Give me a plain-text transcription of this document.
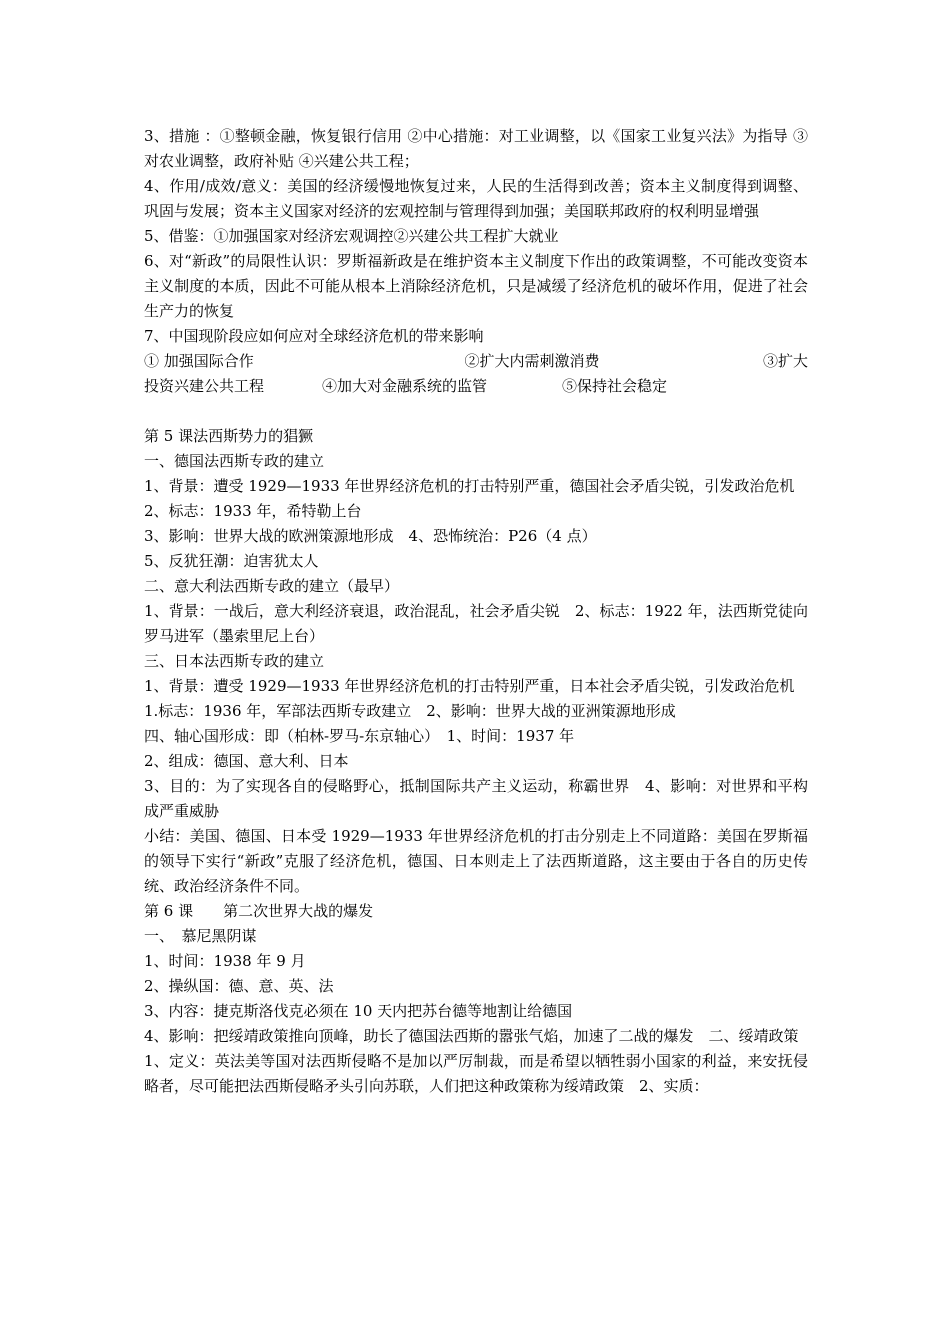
3、措施 ：①整顿金融，恢复银行信用 ②中心措施：对工业调整，以《国家工业复兴法》为指导 ③对农业调整，政府补贴 ④兴建公共工程；

4、作用/成效/意义：美国的经济缓慢地恢复过来，人民的生活得到改善；资本主义制度得到调整、巩固与发展；资本主义国家对经济的宏观控制与管理得到加强；美国联邦政府的权利明显增强

5、借鉴：①加强国家对经济宏观调控②兴建公共工程扩大就业

6、对“新政”的局限性认识：罗斯福新政是在维护资本主义制度下作出的政策调整，不可能改变资本主义制度的本质，因此不可能从根本上消除经济危机，只是减缓了经济危机的破坏作用，促进了社会生产力的恢复

7、中国现阶段应如何应对全球经济危机的带来影响

① 加强国际合作	②扩大内需刺激消费	③扩大
投资兴建公共工程	④加大对金融系统的监管	⑤保持社会稳定

第 5 课法西斯势力的猖獗

一、德国法西斯专政的建立

1、背景：遭受 1929—1933 年世界经济危机的打击特别严重，德国社会矛盾尖锐，引发政治危机

2、标志：1933 年，希特勒上台

3、影响：世界大战的欧洲策源地形成　4、恐怖统治：P26（4 点）

5、反犹狂潮：迫害犹太人

二、意大利法西斯专政的建立（最早）

1、背景：一战后，意大利经济衰退，政治混乱，社会矛盾尖锐　2、标志：1922 年，法西斯党徒向罗马进军（墨索里尼上台）

三、日本法西斯专政的建立

1、背景：遭受 1929—1933 年世界经济危机的打击特别严重，日本社会矛盾尖锐，引发政治危机

1.标志：1936 年，军部法西斯专政建立　2、影响：世界大战的亚洲策源地形成

四、轴心国形成：即（柏林-罗马-东京轴心）　1、时间：1937 年

2、组成：德国、意大利、日本

3、目的：为了实现各自的侵略野心，抵制国际共产主义运动，称霸世界　4、影响：对世界和平构成严重威胁

小结：美国、德国、日本受 1929—1933 年世界经济危机的打击分别走上不同道路：美国在罗斯福的领导下实行“新政”克服了经济危机，德国、日本则走上了法西斯道路，这主要由于各自的历史传统、政治经济条件不同。

第 6 课　　第二次世界大战的爆发

一、　慕尼黑阴谋

1、时间：1938 年 9 月

2、操纵国：德、意、英、法

3、内容：捷克斯洛伐克必须在 10 天内把苏台德等地割让给德国

4、影响：把绥靖政策推向顶峰，助长了德国法西斯的嚣张气焰，加速了二战的爆发　二、绥靖政策

1、定义：英法美等国对法西斯侵略不是加以严厉制裁，而是希望以牺牲弱小国家的利益，来安抚侵略者，尽可能把法西斯侵略矛头引向苏联，人们把这种政策称为绥靖政策　2、实质：
